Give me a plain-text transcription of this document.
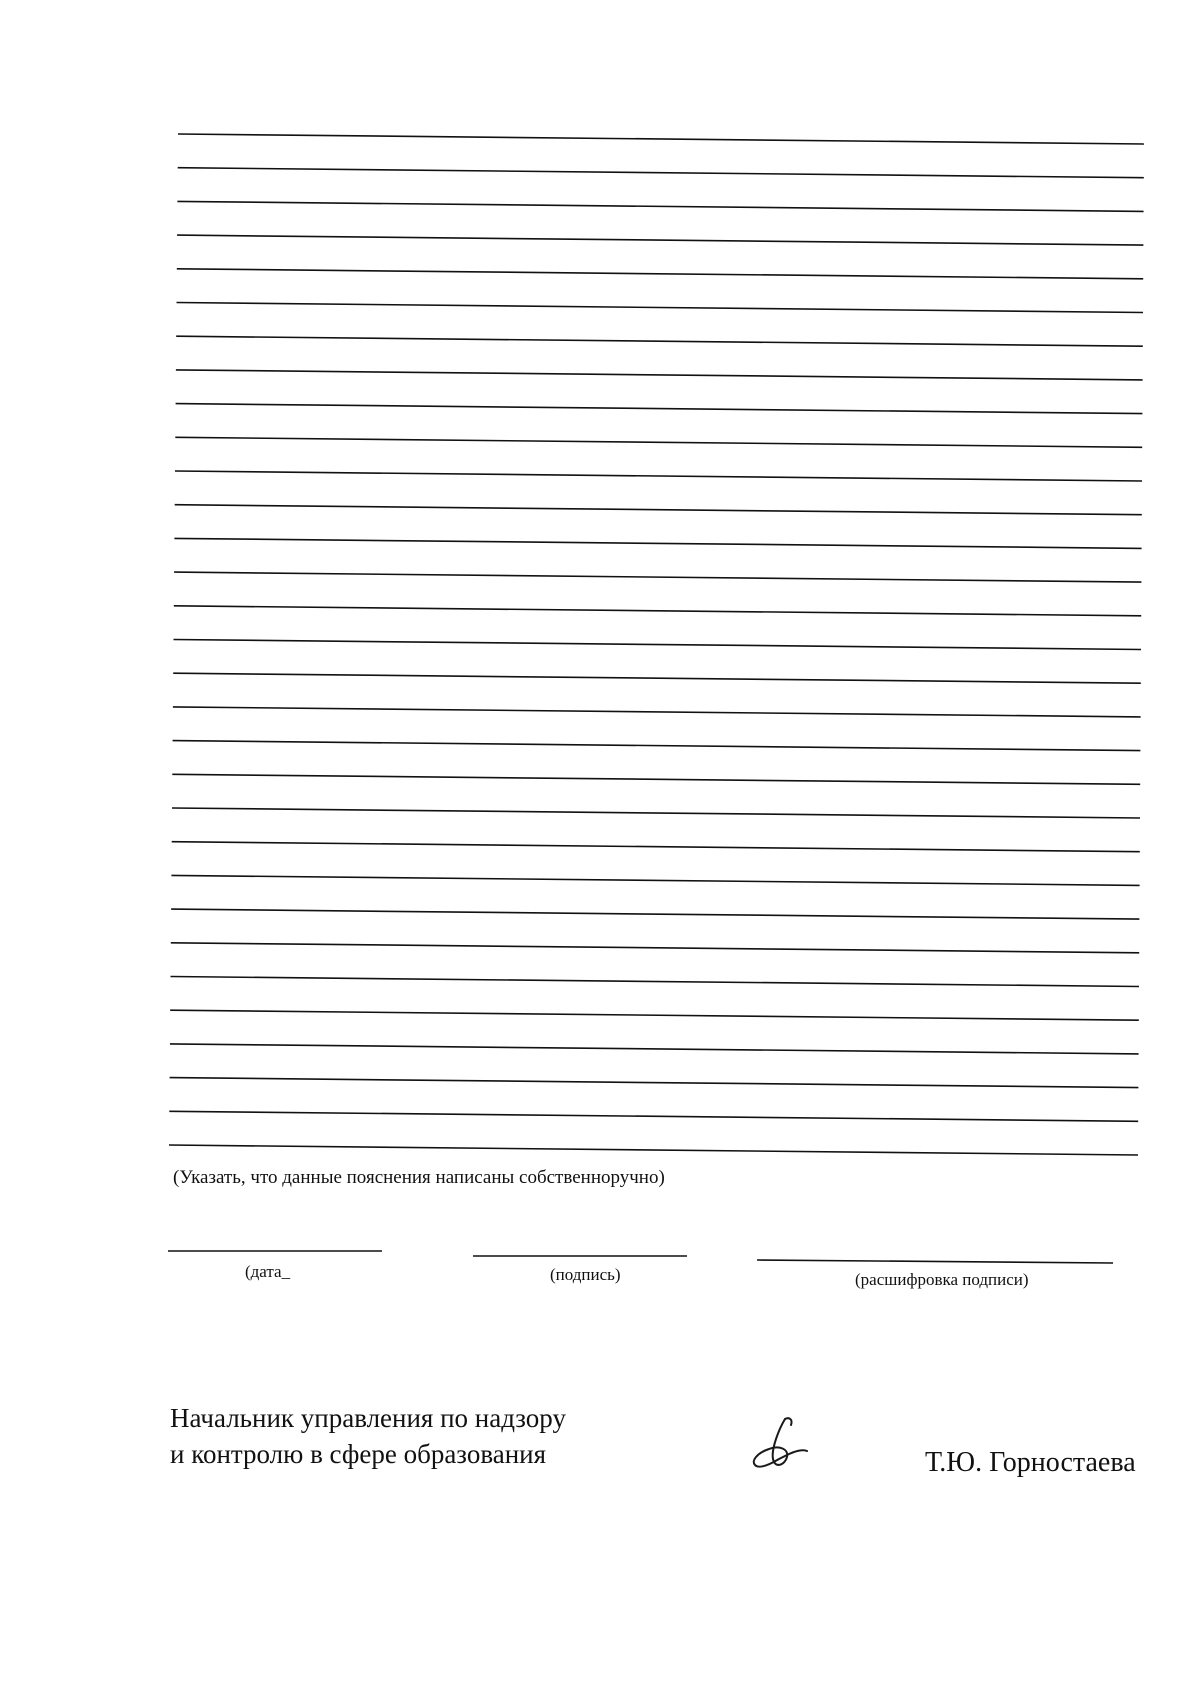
(Указать, что данные пояснения написаны собственноручно)
(дата_	(подпись)	(расшифровка подписи)
Начальник управления по надзору
и контролю в сфере образования	Т.Ю. Горностаева
